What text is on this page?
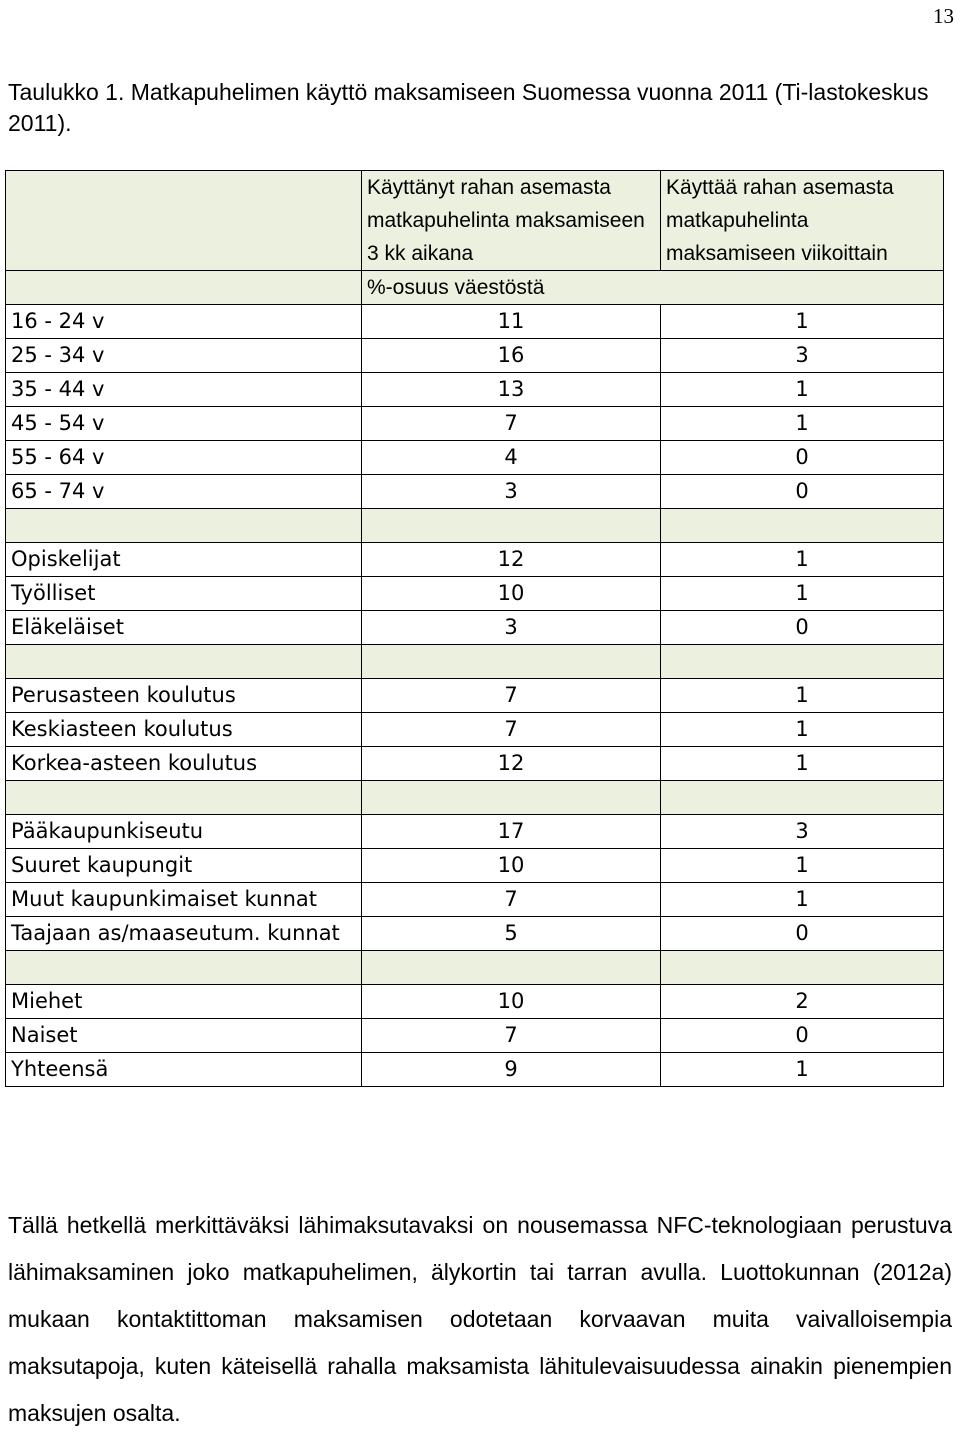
13
Taulukko 1. Matkapuhelimen käyttö maksamiseen Suomessa vuonna 2011 (Ti-lastokeskus 2011).
	Käyttänyt rahan asemasta matkapuhelinta maksamiseen 3 kk aikana	Käyttää rahan asemasta matkapuhelinta maksamiseen viikoittain
	%-osuus väestöstä	
16 - 24 v	11	1
25 - 34 v	16	3
35 - 44 v	13	1
45 - 54 v	7	1
55 - 64 v	4	0
65 - 74 v	3	0

Opiskelijat	12	1
Työlliset	10	1
Eläkeläiset	3	0

Perusasteen koulutus	7	1
Keskiasteen koulutus	7	1
Korkea-asteen koulutus	12	1

Pääkaupunkiseutu	17	3
Suuret kaupungit	10	1
Muut kaupunkimaiset kunnat	7	1
Taajaan as/maaseutum. kunnat	5	0

Miehet	10	2
Naiset	7	0
Yhteensä	9	1
Tällä hetkellä merkittäväksi lähimaksutavaksi on nousemassa NFC-teknologiaan perustuva lähimaksaminen joko matkapuhelimen, älykortin tai tarran avulla. Luottokunnan (2012a) mukaan kontaktittoman maksamisen odotetaan korvaavan muita vaivalloisempia maksutapoja, kuten käteisellä rahalla maksamista lähitulevaisuudessa ainakin pienempien maksujen osalta.
